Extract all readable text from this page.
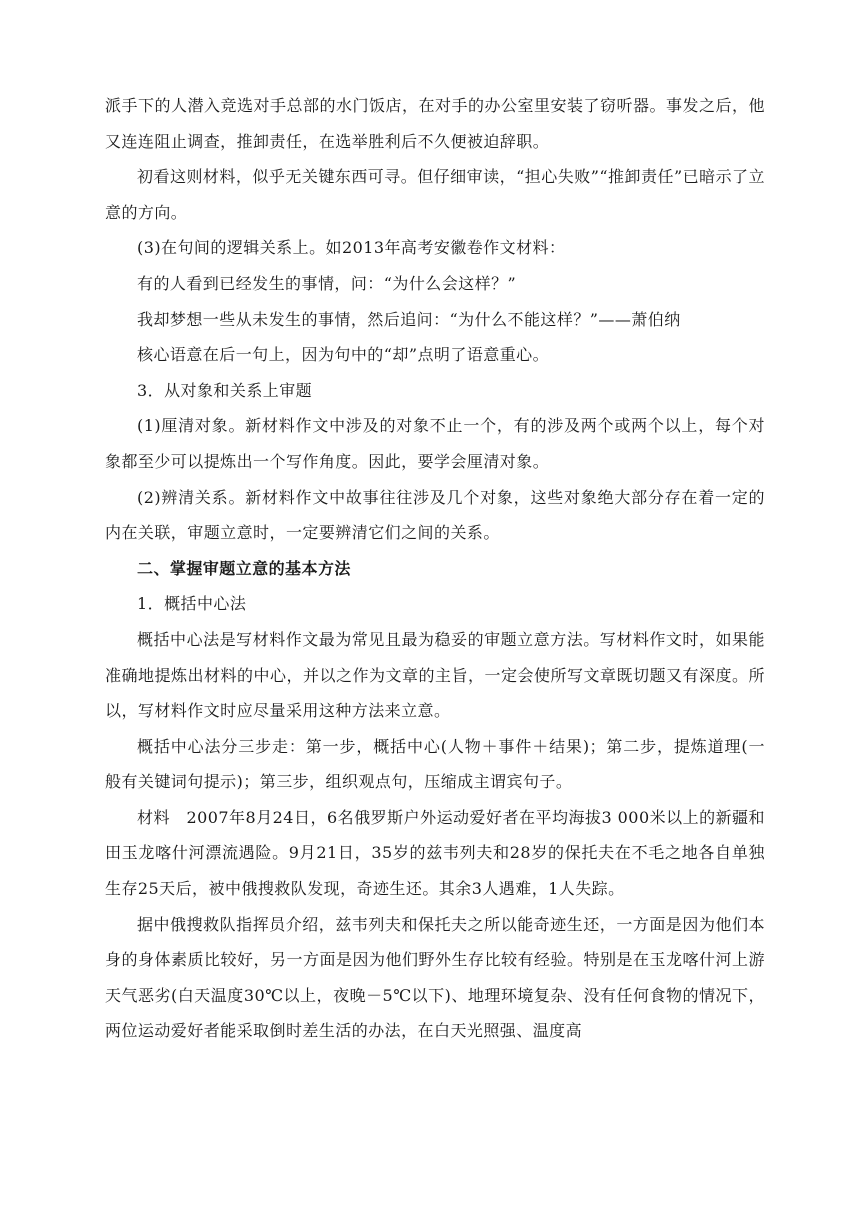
派手下的人潜入竞选对手总部的水门饭店，在对手的办公室里安装了窃听器。事发之后，他又连连阻止调查，推卸责任，在选举胜利后不久便被迫辞职。

初看这则材料，似乎无关键东西可寻。但仔细审读，“担心失败”“推卸责任”已暗示了立意的方向。

(3)在句间的逻辑关系上。如2013年高考安徽卷作文材料：

有的人看到已经发生的事情，问：“为什么会这样？”

我却梦想一些从未发生的事情，然后追问：“为什么不能这样？”——萧伯纳

核心语意在后一句上，因为句中的“却”点明了语意重心。

3．从对象和关系上审题

(1)厘清对象。新材料作文中涉及的对象不止一个，有的涉及两个或两个以上，每个对象都至少可以提炼出一个写作角度。因此，要学会厘清对象。

(2)辨清关系。新材料作文中故事往往涉及几个对象，这些对象绝大部分存在着一定的内在关联，审题立意时，一定要辨清它们之间的关系。

二、掌握审题立意的基本方法

1．概括中心法

概括中心法是写材料作文最为常见且最为稳妥的审题立意方法。写材料作文时，如果能准确地提炼出材料的中心，并以之作为文章的主旨，一定会使所写文章既切题又有深度。所以，写材料作文时应尽量采用这种方法来立意。

概括中心法分三步走：第一步，概括中心(人物＋事件＋结果)；第二步，提炼道理(一般有关键词句提示)；第三步，组织观点句，压缩成主谓宾句子。

材料　2007年8月24日，6名俄罗斯户外运动爱好者在平均海拔3 000米以上的新疆和田玉龙喀什河漂流遇险。9月21日，35岁的兹韦列夫和28岁的保托夫在不毛之地各自单独生存25天后，被中俄搜救队发现，奇迹生还。其余3人遇难，1人失踪。

据中俄搜救队指挥员介绍，兹韦列夫和保托夫之所以能奇迹生还，一方面是因为他们本身的身体素质比较好，另一方面是因为他们野外生存比较有经验。特别是在玉龙喀什河上游天气恶劣(白天温度30℃以上，夜晚－5℃以下)、地理环境复杂、没有任何食物的情况下，两位运动爱好者能采取倒时差生活的办法，在白天光照强、温度高
